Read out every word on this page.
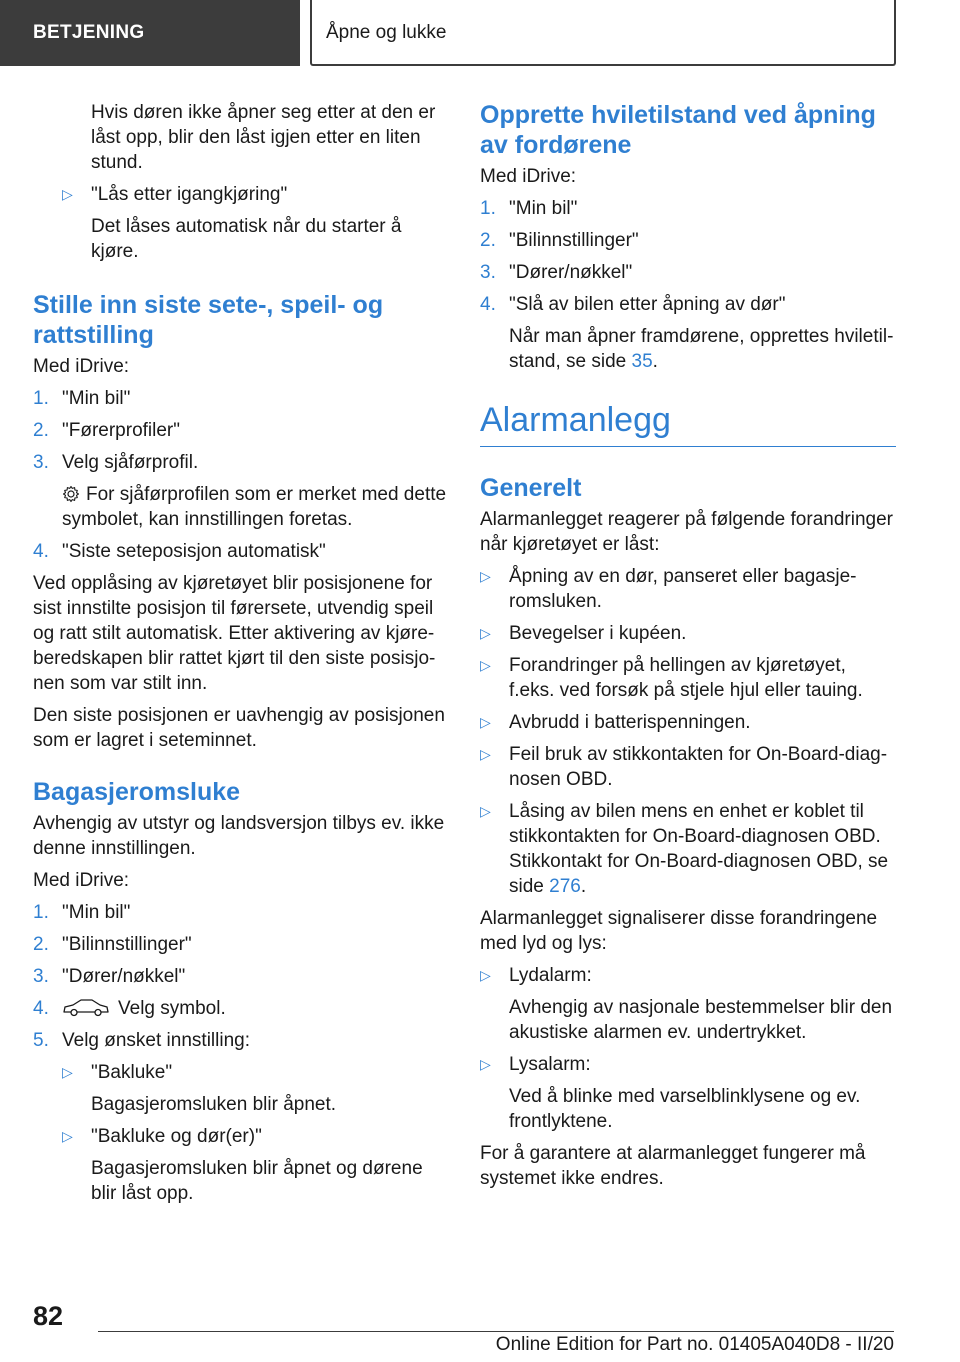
BETJENING	Åpne og lukke

Hvis døren ikke åpner seg etter at den er låst opp, blir den låst igjen etter en liten stund.

▷ "Lås etter igangkjøring"

Det låses automatisk når du starter å kjøre.

Stille inn siste sete-, speil- og rattstilling

Med iDrive:

1. "Min bil"
2. "Førerprofiler"
3. Velg sjåførprofil.
For sjåførprofilen som er merket med dette symbolet, kan innstillingen foretas.
4. "Siste seteposisjon automatisk"

Ved opplåsing av kjøretøyet blir posisjonene for sist innstilte posisjon til førersete, utvendig speil og ratt stilt automatisk. Etter aktivering av kjøreberedskapen blir rattet kjørt til den siste posisjonen som var stilt inn.

Den siste posisjonen er uavhengig av posisjonen som er lagret i seteminnet.

Bagasjeromsluke

Avhengig av utstyr og landsversjon tilbys ev. ikke denne innstillingen.

Med iDrive:

1. "Min bil"
2. "Bilinnstillinger"
3. "Dører/nøkkel"
4.	Velg symbol.
5. Velg ønsket innstilling:
▷ "Bakluke"

Bagasjeromsluken blir åpnet.

▷ "Bakluke og dør(er)"

Bagasjeromsluken blir åpnet og dørene blir låst opp.

Opprette hviletilstand ved åpning av fordørene

Med iDrive:

1. "Min bil"
2. "Bilinnstillinger"
3. "Dører/nøkkel"
4. "Slå av bilen etter åpning av dør"

Når man åpner framdørene, opprettes hviletilstand, se side 35.

Alarmanlegg
Generelt

Alarmanlegget reagerer på følgende forandringer når kjøretøyet er låst:

▷ Åpning av en dør, panseret eller bagasjeromsluken.
▷ Bevegelser i kupéen.
▷ Forandringer på hellingen av kjøretøyet, f.eks. ved forsøk på stjele hjul eller tauing.
▷ Avbrudd i batterispenningen.
▷ Feil bruk av stikkontakten for On-Board-diagnosen OBD.
▷ Låsing av bilen mens en enhet er koblet til stikkontakten for On-Board-diagnosen OBD. Stikkontakt for On-Board-diagnosen OBD, se side 276.

Alarmanlegget signaliserer disse forandringene med lyd og lys:

▷ Lydalarm:

Avhengig av nasjonale bestemmelser blir den akustiske alarmen ev. undertrykket.

▷ Lysalarm:

Ved å blinke med varselblinklysene og ev. frontlyktene.

For å garantere at alarmanlegget fungerer må systemet ikke endres.

82
Online Edition for Part no. 01405A040D8 - II/20
